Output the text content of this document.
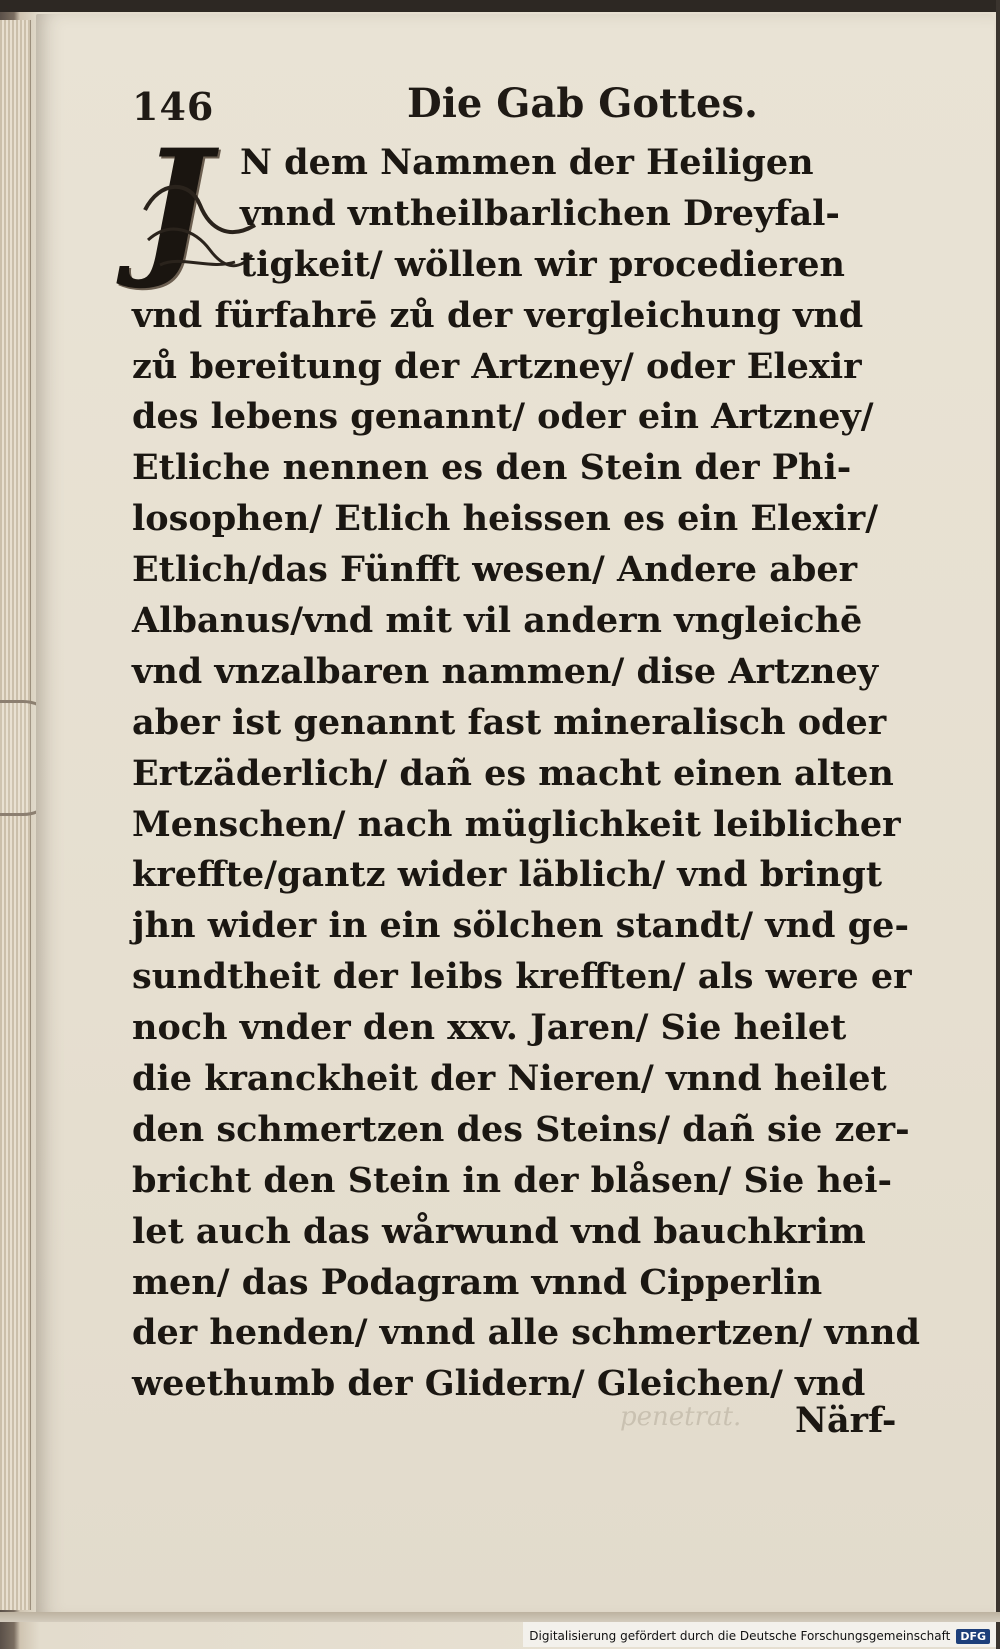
146	Die Gab Gottes.
J N dem Nammen der Heiligen
vnnd vntheilbarlichen Dreyfal-
tigkeit/ wöllen wir procedieren
vnd fürfahrē zů der vergleichung vnd
zů bereitung der Artzney/ oder Elexir
des lebens genannt/ oder ein Artzney/
Etliche nennen es den Stein der Phi-
losophen/ Etlich heissen es ein Elexir/
Etlich/das Fünfft wesen/ Andere aber
Albanus/vnd mit vil andern vngleichē
vnd vnzalbaren nammen/ dise Artzney
aber ist genannt fast mineralisch oder
Ertzäderlich/ dañ es macht einen alten
Menschen/ nach müglichkeit leiblicher
kreffte/gantz wider läblich/ vnd bringt
jhn wider in ein sölchen standt/ vnd ge-
sundtheit der leibs krefften/ als were er
noch vnder den xxv. Jaren/ Sie heilet
die kranckheit der Nieren/ vnnd heilet
den schmertzen des Steins/ dañ sie zer-
bricht den Stein in der blåsen/ Sie hei-
let auch das wårwund vnd bauchkrim
men/ das Podagram vnnd Cipperlin
der henden/ vnnd alle schmertzen/ vnnd
weethumb der Glidern/ Gleichen/ vnd
penetrat. Närf-
Digitalisierung gefördert durch die Deutsche Forschungsgemeinschaft DFG
